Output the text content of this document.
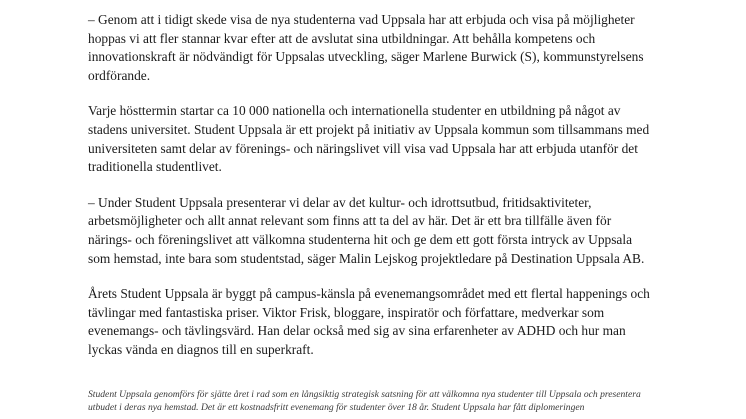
– Genom att i tidigt skede visa de nya studenterna vad Uppsala har att erbjuda och visa på möjligheter hoppas vi att fler stannar kvar efter att de avslutat sina utbildningar. Att behålla kompetens och innovationskraft är nödvändigt för Uppsalas utveckling, säger Marlene Burwick (S), kommunstyrelsens ordförande.

Varje hösttermin startar ca 10 000 nationella och internationella studenter en utbildning på något av stadens universitet. Student Uppsala är ett projekt på initiativ av Uppsala kommun som tillsammans med universiteten samt delar av förenings- och näringslivet vill visa vad Uppsala har att erbjuda utanför det traditionella studentlivet.

– Under Student Uppsala presenterar vi delar av det kultur- och idrottsutbud, fritidsaktiviteter, arbetsmöjligheter och allt annat relevant som finns att ta del av här. Det är ett bra tillfälle även för närings- och föreningslivet att välkomna studenterna hit och ge dem ett gott första intryck av Uppsala som hemstad, inte bara som studentstad, säger Malin Lejskog projektledare på Destination Uppsala AB.

Årets Student Uppsala är byggt på campus-känsla på evenemangsområdet med ett flertal happenings och tävlingar med fantastiska priser. Viktor Frisk, bloggare, inspiratör och författare, medverkar som evenemangs- och tävlingsvärd. Han delar också med sig av sina erfarenheter av ADHD och hur man lyckas vända en diagnos till en superkraft.

Student Uppsala genomförs för sjätte året i rad som en långsiktig strategisk satsning för att välkomna nya studenter till Uppsala och presentera utbudet i deras nya hemstad. Det är ett kostnadsfritt evenemang för studenter över 18 år. Student Uppsala har fått diplomeringen
